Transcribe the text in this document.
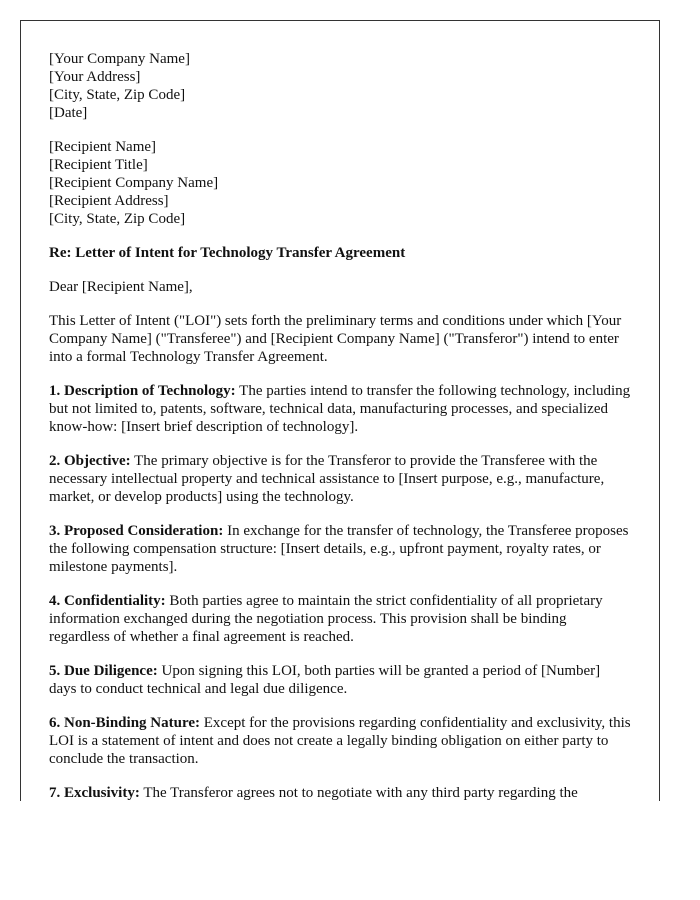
[Your Company Name]
[Your Address]
[City, State, Zip Code]
[Date]

[Recipient Name]
[Recipient Title]
[Recipient Company Name]
[Recipient Address]
[City, State, Zip Code]

Re: Letter of Intent for Technology Transfer Agreement

Dear [Recipient Name],

This Letter of Intent ("LOI") sets forth the preliminary terms and conditions under which [Your Company Name] ("Transferee") and [Recipient Company Name] ("Transferor") intend to enter into a formal Technology Transfer Agreement.

1. Description of Technology: The parties intend to transfer the following technology, including but not limited to, patents, software, technical data, manufacturing processes, and specialized know-how: [Insert brief description of technology].

2. Objective: The primary objective is for the Transferor to provide the Transferee with the necessary intellectual property and technical assistance to [Insert purpose, e.g., manufacture, market, or develop products] using the technology.

3. Proposed Consideration: In exchange for the transfer of technology, the Transferee proposes the following compensation structure: [Insert details, e.g., upfront payment, royalty rates, or milestone payments].

4. Confidentiality: Both parties agree to maintain the strict confidentiality of all proprietary information exchanged during the negotiation process. This provision shall be binding regardless of whether a final agreement is reached.

5. Due Diligence: Upon signing this LOI, both parties will be granted a period of [Number] days to conduct technical and legal due diligence.

6. Non-Binding Nature: Except for the provisions regarding confidentiality and exclusivity, this LOI is a statement of intent and does not create a legally binding obligation on either party to conclude the transaction.

7. Exclusivity: The Transferor agrees not to negotiate with any third party regarding the
